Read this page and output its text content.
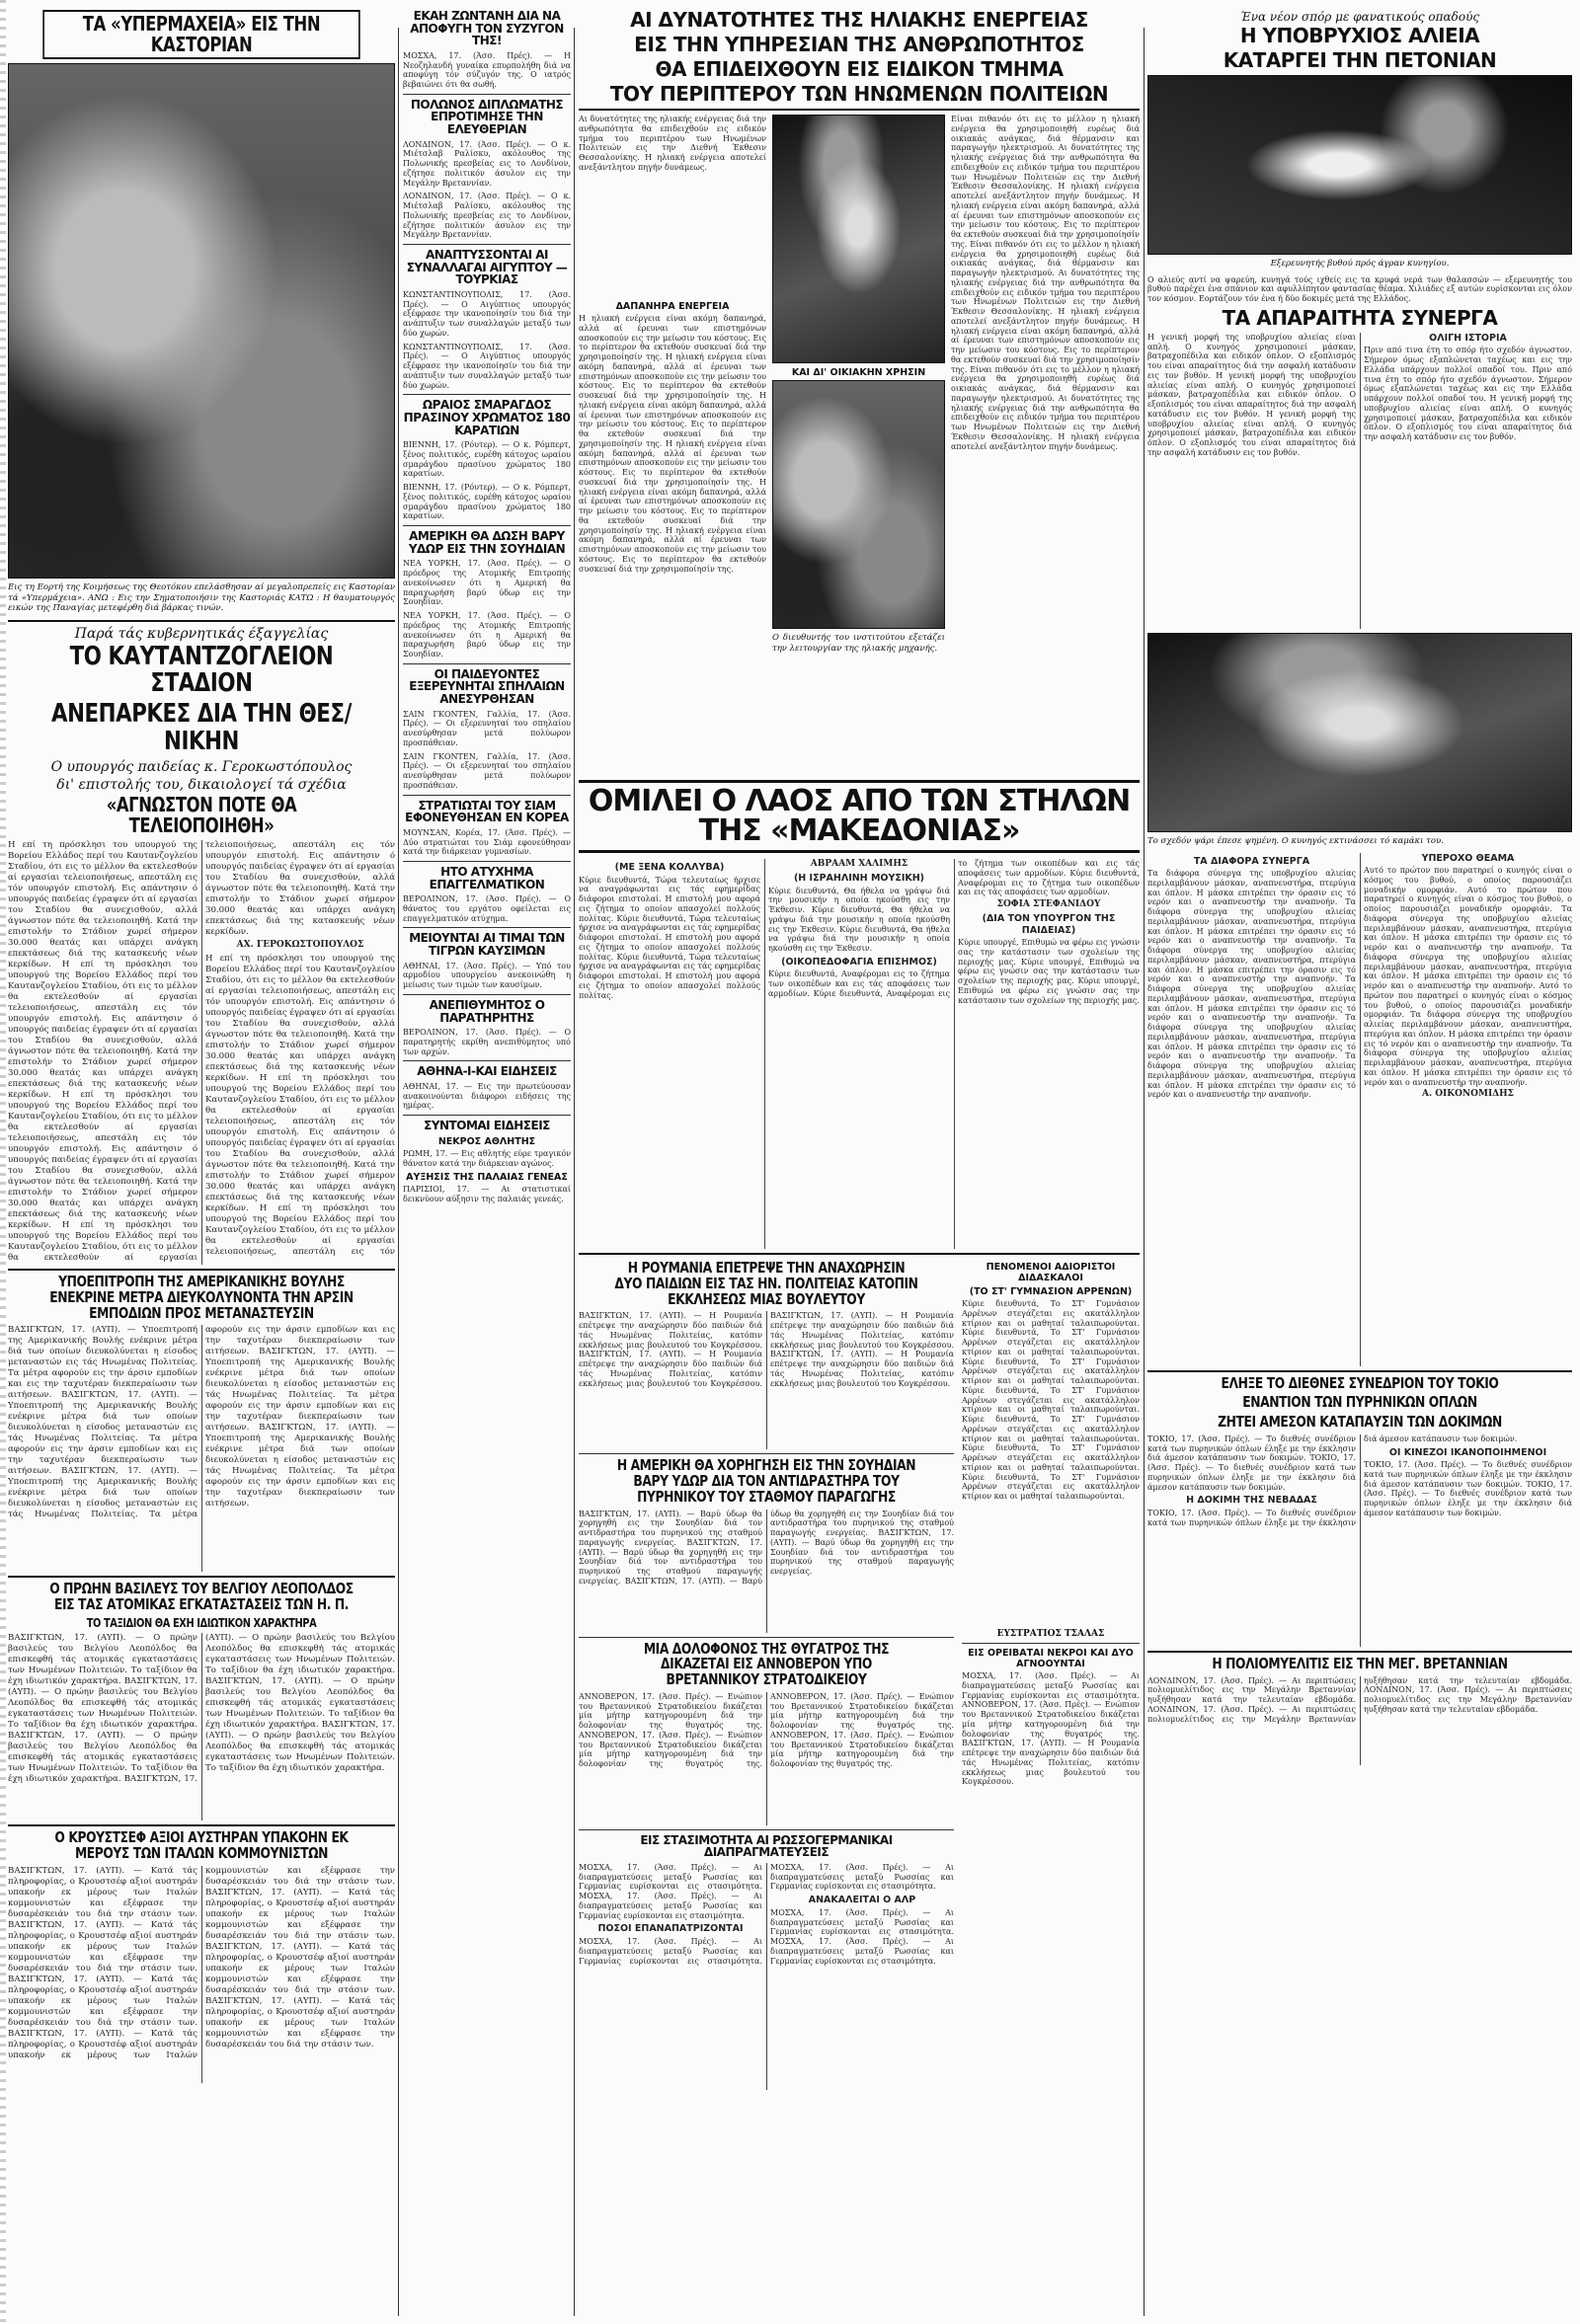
ΤΑ «ΥΠΕΡΜΑΧΕΙΑ» ΕΙΣ ΤΗΝ ΚΑΣΤΟΡΙΑΝ
Εις τη Εορτή της Κοιμήσεως της Θεοτόκου επελάσθησαν αί μεγαλοπρεπείς εις Καστορίαν τά «Υπερμάχεια». ΑΝΩ : Εις την Σηματοποιήσιν της Καστοριάς ΚΑΤΩ : Η θαυματουργός εικών της Παναγίας μετεφέρθη διά βάρκας τινών.
Παρά τάς κυβερνητικάς έξαγγελίας
ΤΟ ΚΑΥΤΑΝΤΖΟΓΛΕΙΟΝ ΣΤΑΔΙΟΝ
ΑΝΕΠΑΡΚΕΣ ΔΙΑ ΤΗΝ ΘΕΣ/ΝΙΚΗΝ
Ο υπουργός παιδείας κ. Γεροκωστόπουλος
δι' επιστολής του, δικαιολογεί τά σχέδια
«ΑΓΝΩΣΤΟΝ ΠΟΤΕ ΘΑ ΤΕΛΕΙΟΠΟΙΗΘΗ»
Η επί τη πρόσκλησι του υπουργού της Βορείου Ελλάδος περί του Καυτανζογλείου Σταδίου, ότι εις το μέλλον θα εκτελεσθούν αί εργασίαι τελειοποιήσεως, απεστάλη εις τόν υπουργόν επιστολή. Εις απάντησιν ό υπουργός παιδείας έγραψεν ότι αί εργασίαι του Σταδίου θα συνεχισθούν, αλλά άγνωστον πότε θα τελειοποιηθή. Κατά την επιστολήν το Στάδιον χωρεί σήμερον 30.000 θεατάς και υπάρχει ανάγκη επεκτάσεως διά της κατασκευής νέων κερκίδων. Η επί τη πρόσκλησι του υπουργού της Βορείου Ελλάδος περί του Καυτανζογλείου Σταδίου, ότι εις το μέλλον θα εκτελεσθούν αί εργασίαι τελειοποιήσεως, απεστάλη εις τόν υπουργόν επιστολή. Εις απάντησιν ό υπουργός παιδείας έγραψεν ότι αί εργασίαι του Σταδίου θα συνεχισθούν, αλλά άγνωστον πότε θα τελειοποιηθή. Κατά την επιστολήν το Στάδιον χωρεί σήμερον 30.000 θεατάς και υπάρχει ανάγκη επεκτάσεως διά της κατασκευής νέων κερκίδων. Η επί τη πρόσκλησι του υπουργού της Βορείου Ελλάδος περί του Καυτανζογλείου Σταδίου, ότι εις το μέλλον θα εκτελεσθούν αί εργασίαι τελειοποιήσεως, απεστάλη εις τόν υπουργόν επιστολή. Εις απάντησιν ό υπουργός παιδείας έγραψεν ότι αί εργασίαι του Σταδίου θα συνεχισθούν, αλλά άγνωστον πότε θα τελειοποιηθή. Κατά την επιστολήν το Στάδιον χωρεί σήμερον 30.000 θεατάς και υπάρχει ανάγκη επεκτάσεως διά της κατασκευής νέων κερκίδων. Η επί τη πρόσκλησι του υπουργού της Βορείου Ελλάδος περί του Καυτανζογλείου Σταδίου, ότι εις το μέλλον θα εκτελεσθούν αί εργασίαι τελειοποιήσεως, απεστάλη εις τόν υπουργόν επιστολή. Εις απάντησιν ό υπουργός παιδείας έγραψεν ότι αί εργασίαι του Σταδίου θα συνεχισθούν, αλλά άγνωστον πότε θα τελειοποιηθή. Κατά την επιστολήν το Στάδιον χωρεί σήμερον 30.000 θεατάς και υπάρχει ανάγκη επεκτάσεως διά της κατασκευής νέων κερκίδων.
ΑΧ. ΓΕΡΟΚΩΣΤΟΠΟΥΛΟΣ
Η επί τη πρόσκλησι του υπουργού της Βορείου Ελλάδος περί του Καυτανζογλείου Σταδίου, ότι εις το μέλλον θα εκτελεσθούν αί εργασίαι τελειοποιήσεως, απεστάλη εις τόν υπουργόν επιστολή. Εις απάντησιν ό υπουργός παιδείας έγραψεν ότι αί εργασίαι του Σταδίου θα συνεχισθούν, αλλά άγνωστον πότε θα τελειοποιηθή. Κατά την επιστολήν το Στάδιον χωρεί σήμερον 30.000 θεατάς και υπάρχει ανάγκη επεκτάσεως διά της κατασκευής νέων κερκίδων. Η επί τη πρόσκλησι του υπουργού της Βορείου Ελλάδος περί του Καυτανζογλείου Σταδίου, ότι εις το μέλλον θα εκτελεσθούν αί εργασίαι τελειοποιήσεως, απεστάλη εις τόν υπουργόν επιστολή. Εις απάντησιν ό υπουργός παιδείας έγραψεν ότι αί εργασίαι του Σταδίου θα συνεχισθούν, αλλά άγνωστον πότε θα τελειοποιηθή. Κατά την επιστολήν το Στάδιον χωρεί σήμερον 30.000 θεατάς και υπάρχει ανάγκη επεκτάσεως διά της κατασκευής νέων κερκίδων. Η επί τη πρόσκλησι του υπουργού της Βορείου Ελλάδος περί του Καυτανζογλείου Σταδίου, ότι εις το μέλλον θα εκτελεσθούν αί εργασίαι τελειοποιήσεως, απεστάλη εις τόν
ΥΠΟΕΠΙΤΡΟΠΗ ΤΗΣ ΑΜΕΡΙΚΑΝΙΚΗΣ ΒΟΥΛΗΣ ΕΝΕΚΡΙΝΕ ΜΕΤΡΑ ΔΙΕΥΚΟΛΥΝΟΝΤΑ ΤΗΝ ΑΡΣΙΝ ΕΜΠΟΔΙΩΝ ΠΡΟΣ ΜΕΤΑΝΑΣΤΕΥΣΙΝ
ΒΑΣΙΓΚΤΩΝ, 17. (ΑΥΠ). — Υποεπιτροπή της Αμερικανικής Βουλής ενέκρινε μέτρα διά των οποίων διευκολύνεται η είσοδος μεταναστών εις τάς Ηνωμένας Πολιτείας. Τα μέτρα αφορούν εις την άρσιν εμποδίων και εις την ταχυτέραν διεκπεραίωσιν των αιτήσεων. ΒΑΣΙΓΚΤΩΝ, 17. (ΑΥΠ). — Υποεπιτροπή της Αμερικανικής Βουλής ενέκρινε μέτρα διά των οποίων διευκολύνεται η είσοδος μεταναστών εις τάς Ηνωμένας Πολιτείας. Τα μέτρα αφορούν εις την άρσιν εμποδίων και εις την ταχυτέραν διεκπεραίωσιν των αιτήσεων. ΒΑΣΙΓΚΤΩΝ, 17. (ΑΥΠ). — Υποεπιτροπή της Αμερικανικής Βουλής ενέκρινε μέτρα διά των οποίων διευκολύνεται η είσοδος μεταναστών εις τάς Ηνωμένας Πολιτείας. Τα μέτρα αφορούν εις την άρσιν εμποδίων και εις την ταχυτέραν διεκπεραίωσιν των αιτήσεων. ΒΑΣΙΓΚΤΩΝ, 17. (ΑΥΠ). — Υποεπιτροπή της Αμερικανικής Βουλής ενέκρινε μέτρα διά των οποίων διευκολύνεται η είσοδος μεταναστών εις τάς Ηνωμένας Πολιτείας. Τα μέτρα αφορούν εις την άρσιν εμποδίων και εις την ταχυτέραν διεκπεραίωσιν των αιτήσεων. ΒΑΣΙΓΚΤΩΝ, 17. (ΑΥΠ). — Υποεπιτροπή της Αμερικανικής Βουλής ενέκρινε μέτρα διά των οποίων διευκολύνεται η είσοδος μεταναστών εις τάς Ηνωμένας Πολιτείας. Τα μέτρα αφορούν εις την άρσιν εμποδίων και εις την ταχυτέραν διεκπεραίωσιν των αιτήσεων.
Ο ΠΡΩΗΝ ΒΑΣΙΛΕΥΣ ΤΟΥ ΒΕΛΓΙΟΥ ΛΕΟΠΟΛΔΟΣ ΕΙΣ ΤΑΣ ΑΤΟΜΙΚΑΣ ΕΓΚΑΤΑΣΤΑΣΕΙΣ ΤΩΝ Η. Π.
ΤΟ ΤΑΞΙΔΙΟΝ ΘΑ ΕΧΗ ΙΔΙΩΤΙΚΟΝ ΧΑΡΑΚΤΗΡΑ
ΒΑΣΙΓΚΤΩΝ, 17. (ΑΥΠ). — Ο πρώην βασιλεύς του Βελγίου Λεοπόλδος θα επισκεφθή τάς ατομικάς εγκαταστάσεις των Ηνωμένων Πολιτειών. Το ταξίδιον θα έχη ιδιωτικόν χαρακτήρα. ΒΑΣΙΓΚΤΩΝ, 17. (ΑΥΠ). — Ο πρώην βασιλεύς του Βελγίου Λεοπόλδος θα επισκεφθή τάς ατομικάς εγκαταστάσεις των Ηνωμένων Πολιτειών. Το ταξίδιον θα έχη ιδιωτικόν χαρακτήρα. ΒΑΣΙΓΚΤΩΝ, 17. (ΑΥΠ). — Ο πρώην βασιλεύς του Βελγίου Λεοπόλδος θα επισκεφθή τάς ατομικάς εγκαταστάσεις των Ηνωμένων Πολιτειών. Το ταξίδιον θα έχη ιδιωτικόν χαρακτήρα. ΒΑΣΙΓΚΤΩΝ, 17. (ΑΥΠ). — Ο πρώην βασιλεύς του Βελγίου Λεοπόλδος θα επισκεφθή τάς ατομικάς εγκαταστάσεις των Ηνωμένων Πολιτειών. Το ταξίδιον θα έχη ιδιωτικόν χαρακτήρα. ΒΑΣΙΓΚΤΩΝ, 17. (ΑΥΠ). — Ο πρώην βασιλεύς του Βελγίου Λεοπόλδος θα επισκεφθή τάς ατομικάς εγκαταστάσεις των Ηνωμένων Πολιτειών. Το ταξίδιον θα έχη ιδιωτικόν χαρακτήρα. ΒΑΣΙΓΚΤΩΝ, 17. (ΑΥΠ). — Ο πρώην βασιλεύς του Βελγίου Λεοπόλδος θα επισκεφθή τάς ατομικάς εγκαταστάσεις των Ηνωμένων Πολιτειών. Το ταξίδιον θα έχη ιδιωτικόν χαρακτήρα.
Ο ΚΡΟΥΣΤΣΕΦ ΑΞΙΟΙ ΑΥΣΤΗΡΑΝ ΥΠΑΚΟΗΝ ΕΚ ΜΕΡΟΥΣ ΤΩΝ ΙΤΑΛΩΝ ΚΟΜΜΟΥΝΙΣΤΩΝ
ΒΑΣΙΓΚΤΩΝ, 17. (ΑΥΠ). — Κατά τάς πληροφορίας, ο Κρουστσέφ αξιοί αυστηράν υπακοήν εκ μέρους των Ιταλών κομμουνιστών και εξέφρασε την δυσαρέσκειάν του διά την στάσιν των. ΒΑΣΙΓΚΤΩΝ, 17. (ΑΥΠ). — Κατά τάς πληροφορίας, ο Κρουστσέφ αξιοί αυστηράν υπακοήν εκ μέρους των Ιταλών κομμουνιστών και εξέφρασε την δυσαρέσκειάν του διά την στάσιν των. ΒΑΣΙΓΚΤΩΝ, 17. (ΑΥΠ). — Κατά τάς πληροφορίας, ο Κρουστσέφ αξιοί αυστηράν υπακοήν εκ μέρους των Ιταλών κομμουνιστών και εξέφρασε την δυσαρέσκειάν του διά την στάσιν των. ΒΑΣΙΓΚΤΩΝ, 17. (ΑΥΠ). — Κατά τάς πληροφορίας, ο Κρουστσέφ αξιοί αυστηράν υπακοήν εκ μέρους των Ιταλών κομμουνιστών και εξέφρασε την δυσαρέσκειάν του διά την στάσιν των. ΒΑΣΙΓΚΤΩΝ, 17. (ΑΥΠ). — Κατά τάς πληροφορίας, ο Κρουστσέφ αξιοί αυστηράν υπακοήν εκ μέρους των Ιταλών κομμουνιστών και εξέφρασε την δυσαρέσκειάν του διά την στάσιν των. ΒΑΣΙΓΚΤΩΝ, 17. (ΑΥΠ). — Κατά τάς πληροφορίας, ο Κρουστσέφ αξιοί αυστηράν υπακοήν εκ μέρους των Ιταλών κομμουνιστών και εξέφρασε την δυσαρέσκειάν του διά την στάσιν των. ΒΑΣΙΓΚΤΩΝ, 17. (ΑΥΠ). — Κατά τάς πληροφορίας, ο Κρουστσέφ αξιοί αυστηράν υπακοήν εκ μέρους των Ιταλών κομμουνιστών και εξέφρασε την δυσαρέσκειάν του διά την στάσιν των.
ΕΚΑΗ ΖΩΝΤΑΝΗ ΔΙΑ ΝΑ ΑΠΟΦΥΓΗ ΤΟΝ ΣΥΖΥΓΟΝ ΤΗΣ!
ΜΟΣΧΑ, 17. (Άσσ. Πρές). — Η Νεοζηλανδή γυναίκα επυρπολήθη διά να αποφύγη τόν σύζυγόν της. Ο ιατρός βεβαιώνει ότι θα σωθή.
ΠΟΛΩΝΟΣ ΔΙΠΛΩΜΑΤΗΣ ΕΠΡΟΤΙΜΗΣΕ ΤΗΝ ΕΛΕΥΘΕΡΙΑΝ
ΛΟΝΔΙΝΟΝ, 17. (Άσσ. Πρές). — Ο κ. Μιέτσλαβ Ραλίσκυ, ακόλουθος της Πολωνικής πρεσβείας εις το Λονδίνον, εζήτησε πολιτικόν άσυλον εις την Μεγάλην Βρεταννίαν.
ΛΟΝΔΙΝΟΝ, 17. (Άσσ. Πρές). — Ο κ. Μιέτσλαβ Ραλίσκυ, ακόλουθος της Πολωνικής πρεσβείας εις το Λονδίνον, εζήτησε πολιτικόν άσυλον εις την Μεγάλην Βρεταννίαν.
ΑΝΑΠΤΥΣΣΟΝΤΑΙ ΑΙ ΣΥΝΑΛΛΑΓΑΙ ΑΙΓΥΠΤΟΥ — ΤΟΥΡΚΙΑΣ
ΚΩΝΣΤΑΝΤΙΝΟΥΠΟΛΙΣ, 17. (Άσσ. Πρές). — Ο Αιγύπτιος υπουργός εξέφρασε την ικανοποίησίν του διά την ανάπτυξιν των συναλλαγών μεταξύ των δύο χωρών.
ΚΩΝΣΤΑΝΤΙΝΟΥΠΟΛΙΣ, 17. (Άσσ. Πρές). — Ο Αιγύπτιος υπουργός εξέφρασε την ικανοποίησίν του διά την ανάπτυξιν των συναλλαγών μεταξύ των δύο χωρών.
ΩΡΑΙΟΣ ΣΜΑΡΑΓΔΟΣ ΠΡΑΣΙΝΟΥ ΧΡΩΜΑΤΟΣ 180 ΚΑΡΑΤΙΩΝ
ΒΙΕΝΝΗ, 17. (Ρόυτερ). — Ο κ. Ρόμπερτ, ξένος πολιτικός, ευρέθη κάτοχος ωραίου σμαράγδου πρασίνου χρώματος 180 καρατίων.
ΒΙΕΝΝΗ, 17. (Ρόυτερ). — Ο κ. Ρόμπερτ, ξένος πολιτικός, ευρέθη κάτοχος ωραίου σμαράγδου πρασίνου χρώματος 180 καρατίων.
ΑΜΕΡΙΚΗ ΘΑ ΔΩΣΗ ΒΑΡΥ ΥΔΩΡ ΕΙΣ ΤΗΝ ΣΟΥΗΔΙΑΝ
ΝΕΑ ΥΟΡΚΗ, 17. (Άσσ. Πρές). — Ο πρόεδρος της Ατομικής Επιτροπής ανεκοίνωσεν ότι η Αμερική θα παραχωρήση βαρύ ύδωρ εις την Σουηδίαν.
ΝΕΑ ΥΟΡΚΗ, 17. (Άσσ. Πρές). — Ο πρόεδρος της Ατομικής Επιτροπής ανεκοίνωσεν ότι η Αμερική θα παραχωρήση βαρύ ύδωρ εις την Σουηδίαν.
ΟΙ ΠΑΙΔΕΥΟΝΤΕΣ ΕΞΕΡΕΥΝΗΤΑΙ ΣΠΗΛΑΙΩΝ ΑΝΕΣΥΡΘΗΣΑΝ
ΣΑΙΝ ΓΚΟΝΤΕΝ, Γαλλία, 17. (Άσσ. Πρές). — Οι εξερευνηταί του σπηλαίου ανεσύρθησαν μετά πολύωρον προσπάθειαν.
ΣΑΙΝ ΓΚΟΝΤΕΝ, Γαλλία, 17. (Άσσ. Πρές). — Οι εξερευνηταί του σπηλαίου ανεσύρθησαν μετά πολύωρον προσπάθειαν.
ΣΤΡΑΤΙΩΤΑΙ ΤΟΥ ΣΙΑΜ ΕΦΟΝΕΥΘΗΣΑΝ ΕΝ ΚΟΡΕΑ
ΜΟΥΝΣΑΝ, Κορέα, 17. (Άσσ. Πρές). — Δύο στρατιώται του Σιάμ εφονεύθησαν κατά την διάρκειαν γυμνασίων.
ΗΤΟ ΑΤΥΧΗΜΑ ΕΠΑΓΓΕΛΜΑΤΙΚΟΝ
ΒΕΡΟΛΙΝΟΝ, 17. (Άσσ. Πρές). — Ο θάνατος του εργάτου οφείλεται εις επαγγελματικόν ατύχημα.
ΜΕΙΟΥΝΤΑΙ ΑΙ ΤΙΜΑΙ ΤΩΝ ΤΙΓΡΩΝ ΚΑΥΣΙΜΩΝ
ΑΘΗΝΑΙ, 17. (Άσσ. Πρές). — Υπό του αρμοδίου υπουργείου ανεκοινώθη η μείωσις των τιμών των καυσίμων.
ΑΝΕΠΙΘΥΜΗΤΟΣ Ο ΠΑΡΑΤΗΡΗΤΗΣ
ΒΕΡΟΛΙΝΟΝ, 17. (Άσσ. Πρές). — Ο παρατηρητής εκρίθη ανεπιθύμητος υπό των αρχών.
ΑΘΗΝΑ-Ι-ΚΑΙ ΕΙΔΗΣΕΙΣ
ΑΘΗΝΑΙ, 17. — Εις την πρωτεύουσαν ανακοινούνται διάφοροι ειδήσεις της ημέρας.
ΣΥΝΤΟΜΑΙ ΕΙΔΗΣΕΙΣ
ΝΕΚΡΟΣ ΑΘΛΗΤΗΣ
ΡΩΜΗ, 17. — Εις αθλητής εύρε τραγικόν θάνατον κατά την διάρκειαν αγώνος.
ΑΥΞΗΣΙΣ ΤΗΣ ΠΑΛΑΙΑΣ ΓΕΝΕΑΣ
ΠΑΡΙΣΙΟΙ, 17. — Αι στατιστικαί δεικνύουν αύξησιν της παλαιάς γενεάς.
ΑΙ ΔΥΝΑΤΟΤΗΤΕΣ ΤΗΣ ΗΛΙΑΚΗΣ ΕΝΕΡΓΕΙΑΣ
ΕΙΣ ΤΗΝ ΥΠΗΡΕΣΙΑΝ ΤΗΣ ΑΝΘΡΩΠΟΤΗΤΟΣ
ΘΑ ΕΠΙΔΕΙΧΘΟΥΝ ΕΙΣ ΕΙΔΙΚΟΝ ΤΜΗΜΑ
ΤΟΥ ΠΕΡΙΠΤΕΡΟΥ ΤΩΝ ΗΝΩΜΕΝΩΝ ΠΟΛΙΤΕΙΩΝ
Αι δυνατότητες της ηλιακής ενέργειας διά την ανθρωπότητα θα επιδειχθούν εις ειδικόν τμήμα του περιπτέρου των Ηνωμένων Πολιτειών εις την Διεθνή Έκθεσιν Θεσσαλονίκης. Η ηλιακή ενέργεια αποτελεί ανεξάντλητον πηγήν δυνάμεως.
ΔΑΠΑΝΗΡΑ ΕΝΕΡΓΕΙΑ
Η ηλιακή ενέργεια είναι ακόμη δαπανηρά, αλλά αί έρευναι των επιστημόνων αποσκοπούν εις την μείωσιν του κόστους. Εις το περίπτερον θα εκτεθούν συσκευαί διά την χρησιμοποίησίν της. Η ηλιακή ενέργεια είναι ακόμη δαπανηρά, αλλά αί έρευναι των επιστημόνων αποσκοπούν εις την μείωσιν του κόστους. Εις το περίπτερον θα εκτεθούν συσκευαί διά την χρησιμοποίησίν της. Η ηλιακή ενέργεια είναι ακόμη δαπανηρά, αλλά αί έρευναι των επιστημόνων αποσκοπούν εις την μείωσιν του κόστους. Εις το περίπτερον θα εκτεθούν συσκευαί διά την χρησιμοποίησίν της. Η ηλιακή ενέργεια είναι ακόμη δαπανηρά, αλλά αί έρευναι των επιστημόνων αποσκοπούν εις την μείωσιν του κόστους. Εις το περίπτερον θα εκτεθούν συσκευαί διά την χρησιμοποίησίν της. Η ηλιακή ενέργεια είναι ακόμη δαπανηρά, αλλά αί έρευναι των επιστημόνων αποσκοπούν εις την μείωσιν του κόστους. Εις το περίπτερον θα εκτεθούν συσκευαί διά την χρησιμοποίησίν της. Η ηλιακή ενέργεια είναι ακόμη δαπανηρά, αλλά αί έρευναι των επιστημόνων αποσκοπούν εις την μείωσιν του κόστους. Εις το περίπτερον θα εκτεθούν συσκευαί διά την χρησιμοποίησίν της.
ΚΑΙ ΔΙ' ΟΙΚΙΑΚΗΝ ΧΡΗΣΙΝ
Ο διευθυντής του ινστιτούτου εξετάζει την λειτουργίαν της ηλιακής μηχανής.
Είναι πιθανόν ότι εις το μέλλον η ηλιακή ενέργεια θα χρησιμοποιηθή ευρέως διά οικιακάς ανάγκας, διά θέρμανσιν και παραγωγήν ηλεκτρισμού. Αι δυνατότητες της ηλιακής ενέργειας διά την ανθρωπότητα θα επιδειχθούν εις ειδικόν τμήμα του περιπτέρου των Ηνωμένων Πολιτειών εις την Διεθνή Έκθεσιν Θεσσαλονίκης. Η ηλιακή ενέργεια αποτελεί ανεξάντλητον πηγήν δυνάμεως. Η ηλιακή ενέργεια είναι ακόμη δαπανηρά, αλλά αί έρευναι των επιστημόνων αποσκοπούν εις την μείωσιν του κόστους. Εις το περίπτερον θα εκτεθούν συσκευαί διά την χρησιμοποίησίν της. Είναι πιθανόν ότι εις το μέλλον η ηλιακή ενέργεια θα χρησιμοποιηθή ευρέως διά οικιακάς ανάγκας, διά θέρμανσιν και παραγωγήν ηλεκτρισμού. Αι δυνατότητες της ηλιακής ενέργειας διά την ανθρωπότητα θα επιδειχθούν εις ειδικόν τμήμα του περιπτέρου των Ηνωμένων Πολιτειών εις την Διεθνή Έκθεσιν Θεσσαλονίκης. Η ηλιακή ενέργεια αποτελεί ανεξάντλητον πηγήν δυνάμεως. Η ηλιακή ενέργεια είναι ακόμη δαπανηρά, αλλά αί έρευναι των επιστημόνων αποσκοπούν εις την μείωσιν του κόστους. Εις το περίπτερον θα εκτεθούν συσκευαί διά την χρησιμοποίησίν της. Είναι πιθανόν ότι εις το μέλλον η ηλιακή ενέργεια θα χρησιμοποιηθή ευρέως διά οικιακάς ανάγκας, διά θέρμανσιν και παραγωγήν ηλεκτρισμού. Αι δυνατότητες της ηλιακής ενέργειας διά την ανθρωπότητα θα επιδειχθούν εις ειδικόν τμήμα του περιπτέρου των Ηνωμένων Πολιτειών εις την Διεθνή Έκθεσιν Θεσσαλονίκης. Η ηλιακή ενέργεια αποτελεί ανεξάντλητον πηγήν δυνάμεως.
ΟΜΙΛΕΙ Ο ΛΑΟΣ ΑΠΟ ΤΩΝ ΣΤΗΛΩΝ ΤΗΣ «ΜΑΚΕΔΟΝΙΑΣ»
(ΜΕ ΞΕΝΑ ΚΟΛΛΥΒΑ)
Κύριε διευθυντά, Τώρα τελευταίως ήρχισε να αναγράφωνται εις τάς εφημερίδας διάφοροι επιστολαί. Η επιστολή μου αφορά εις ζήτημα το οποίον απασχολεί πολλούς πολίτας. Κύριε διευθυντά, Τώρα τελευταίως ήρχισε να αναγράφωνται εις τάς εφημερίδας διάφοροι επιστολαί. Η επιστολή μου αφορά εις ζήτημα το οποίον απασχολεί πολλούς πολίτας. Κύριε διευθυντά, Τώρα τελευταίως ήρχισε να αναγράφωνται εις τάς εφημερίδας διάφοροι επιστολαί. Η επιστολή μου αφορά εις ζήτημα το οποίον απασχολεί πολλούς πολίτας.
ΑΒΡΑΑΜ ΧΑΛΙΜΗΣ
(Η ΙΣΡΑΗΛΙΝΗ ΜΟΥΣΙΚΗ)
Κύριε διευθυντά, Θα ήθελα να γράψω διά την μουσικήν η οποία ηκούσθη εις την Έκθεσιν. Κύριε διευθυντά, Θα ήθελα να γράψω διά την μουσικήν η οποία ηκούσθη εις την Έκθεσιν. Κύριε διευθυντά, Θα ήθελα να γράψω διά την μουσικήν η οποία ηκούσθη εις την Έκθεσιν.
(ΟΙΚΟΠΕΔΟΦΑΓΙΑ ΕΠΙΣΗΜΟΣ)
Κύριε διευθυντά, Αναφέρομαι εις το ζήτημα των οικοπέδων και εις τάς αποφάσεις των αρμοδίων. Κύριε διευθυντά, Αναφέρομαι εις το ζήτημα των οικοπέδων και εις τάς αποφάσεις των αρμοδίων. Κύριε διευθυντά, Αναφέρομαι εις το ζήτημα των οικοπέδων και εις τάς αποφάσεις των αρμοδίων.
ΣΟΦΙΑ ΣΤΕΦΑΝΙΔΟΥ
(ΔΙΑ ΤΟΝ ΥΠΟΥΡΓΟΝ ΤΗΣ ΠΑΙΔΕΙΑΣ)
Κύριε υπουργέ, Επιθυμώ να φέρω εις γνώσιν σας την κατάστασιν των σχολείων της περιοχής μας. Κύριε υπουργέ, Επιθυμώ να φέρω εις γνώσιν σας την κατάστασιν των σχολείων της περιοχής μας. Κύριε υπουργέ, Επιθυμώ να φέρω εις γνώσιν σας την κατάστασιν των σχολείων της περιοχής μας.
Η ΡΟΥΜΑΝΙΑ ΕΠΕΤΡΕΨΕ ΤΗΝ ΑΝΑΧΩΡΗΣΙΝ ΔΥΟ ΠΑΙΔΙΩΝ ΕΙΣ ΤΑΣ ΗΝ. ΠΟΛΙΤΕΙΑΣ ΚΑΤΟΠΙΝ ΕΚΚΛΗΣΕΩΣ ΜΙΑΣ ΒΟΥΛΕΥΤΟΥ
ΒΑΣΙΓΚΤΩΝ, 17. (ΑΥΠ). — Η Ρουμανία επέτρεψε την αναχώρησιν δύο παιδιών διά τάς Ηνωμένας Πολιτείας, κατόπιν εκκλήσεως μιας βουλευτού του Κογκρέσσου. ΒΑΣΙΓΚΤΩΝ, 17. (ΑΥΠ). — Η Ρουμανία επέτρεψε την αναχώρησιν δύο παιδιών διά τάς Ηνωμένας Πολιτείας, κατόπιν εκκλήσεως μιας βουλευτού του Κογκρέσσου. ΒΑΣΙΓΚΤΩΝ, 17. (ΑΥΠ). — Η Ρουμανία επέτρεψε την αναχώρησιν δύο παιδιών διά τάς Ηνωμένας Πολιτείας, κατόπιν εκκλήσεως μιας βουλευτού του Κογκρέσσου. ΒΑΣΙΓΚΤΩΝ, 17. (ΑΥΠ). — Η Ρουμανία επέτρεψε την αναχώρησιν δύο παιδιών διά τάς Ηνωμένας Πολιτείας, κατόπιν εκκλήσεως μιας βουλευτού του Κογκρέσσου.
Η ΑΜΕΡΙΚΗ ΘΑ ΧΟΡΗΓΗΣΗ ΕΙΣ ΤΗΝ ΣΟΥΗΔΙΑΝ ΒΑΡΥ ΥΔΩΡ ΔΙΑ ΤΟΝ ΑΝΤΙΔΡΑΣΤΗΡΑ ΤΟΥ ΠΥΡΗΝΙΚΟΥ ΤΟΥ ΣΤΑΘΜΟΥ ΠΑΡΑΓΩΓΗΣ
ΒΑΣΙΓΚΤΩΝ, 17. (ΑΥΠ). — Βαρύ ύδωρ θα χορηγηθή εις την Σουηδίαν διά τον αντιδραστήρα του πυρηνικού της σταθμού παραγωγής ενεργείας. ΒΑΣΙΓΚΤΩΝ, 17. (ΑΥΠ). — Βαρύ ύδωρ θα χορηγηθή εις την Σουηδίαν διά τον αντιδραστήρα του πυρηνικού της σταθμού παραγωγής ενεργείας. ΒΑΣΙΓΚΤΩΝ, 17. (ΑΥΠ). — Βαρύ ύδωρ θα χορηγηθή εις την Σουηδίαν διά τον αντιδραστήρα του πυρηνικού της σταθμού παραγωγής ενεργείας. ΒΑΣΙΓΚΤΩΝ, 17. (ΑΥΠ). — Βαρύ ύδωρ θα χορηγηθή εις την Σουηδίαν διά τον αντιδραστήρα του πυρηνικού της σταθμού παραγωγής ενεργείας.
ΜΙΑ ΔΟΛΟΦΟΝΟΣ ΤΗΣ ΘΥΓΑΤΡΟΣ ΤΗΣ ΔΙΚΑΖΕΤΑΙ ΕΙΣ ΑΝΝΟΒΕΡΟΝ ΥΠΟ ΒΡΕΤΑΝΝΙΚΟΥ ΣΤΡΑΤΟΔΙΚΕΙΟΥ
ΑΝΝΟΒΕΡΟΝ, 17. (Άσσ. Πρές). — Ενώπιον του Βρεταννικού Στρατοδικείου δικάζεται μία μήτηρ κατηγορουμένη διά την δολοφονίαν της θυγατρός της. ΑΝΝΟΒΕΡΟΝ, 17. (Άσσ. Πρές). — Ενώπιον του Βρεταννικού Στρατοδικείου δικάζεται μία μήτηρ κατηγορουμένη διά την δολοφονίαν της θυγατρός της. ΑΝΝΟΒΕΡΟΝ, 17. (Άσσ. Πρές). — Ενώπιον του Βρεταννικού Στρατοδικείου δικάζεται μία μήτηρ κατηγορουμένη διά την δολοφονίαν της θυγατρός της. ΑΝΝΟΒΕΡΟΝ, 17. (Άσσ. Πρές). — Ενώπιον του Βρεταννικού Στρατοδικείου δικάζεται μία μήτηρ κατηγορουμένη διά την δολοφονίαν της θυγατρός της.
ΕΙΣ ΣΤΑΣΙΜΟΤΗΤΑ ΑΙ ΡΩΣΣΟΓΕΡΜΑΝΙΚΑΙ ΔΙΑΠΡΑΓΜΑΤΕΥΣΕΙΣ
ΜΟΣΧΑ, 17. (Άσσ. Πρές). — Αι διαπραγματεύσεις μεταξύ Ρωσσίας και Γερμανίας ευρίσκονται εις στασιμότητα. ΜΟΣΧΑ, 17. (Άσσ. Πρές). — Αι διαπραγματεύσεις μεταξύ Ρωσσίας και Γερμανίας ευρίσκονται εις στασιμότητα.
ΠΟΣΟΙ ΕΠΑΝΑΠΑΤΡΙΖΟΝΤΑΙ
ΜΟΣΧΑ, 17. (Άσσ. Πρές). — Αι διαπραγματεύσεις μεταξύ Ρωσσίας και Γερμανίας ευρίσκονται εις στασιμότητα. ΜΟΣΧΑ, 17. (Άσσ. Πρές). — Αι διαπραγματεύσεις μεταξύ Ρωσσίας και Γερμανίας ευρίσκονται εις στασιμότητα.
ΑΝΑΚΑΛΕΙΤΑΙ Ο ΑΛΡ
ΜΟΣΧΑ, 17. (Άσσ. Πρές). — Αι διαπραγματεύσεις μεταξύ Ρωσσίας και Γερμανίας ευρίσκονται εις στασιμότητα. ΜΟΣΧΑ, 17. (Άσσ. Πρές). — Αι διαπραγματεύσεις μεταξύ Ρωσσίας και Γερμανίας ευρίσκονται εις στασιμότητα.
ΠΕΝΟΜΕΝΟΙ ΑΔΙΟΡΙΣΤΟΙ ΔΙΔΑΣΚΑΛΟΙ
(ΤΟ ΣΤ' ΓΥΜΝΑΣΙΟΝ ΑΡΡΕΝΩΝ)
Κύριε διευθυντά, Το ΣΤ' Γυμνάσιον Αρρένων στεγάζεται εις ακατάλληλον κτίριον και οι μαθηταί ταλαιπωρούνται. Κύριε διευθυντά, Το ΣΤ' Γυμνάσιον Αρρένων στεγάζεται εις ακατάλληλον κτίριον και οι μαθηταί ταλαιπωρούνται. Κύριε διευθυντά, Το ΣΤ' Γυμνάσιον Αρρένων στεγάζεται εις ακατάλληλον κτίριον και οι μαθηταί ταλαιπωρούνται. Κύριε διευθυντά, Το ΣΤ' Γυμνάσιον Αρρένων στεγάζεται εις ακατάλληλον κτίριον και οι μαθηταί ταλαιπωρούνται. Κύριε διευθυντά, Το ΣΤ' Γυμνάσιον Αρρένων στεγάζεται εις ακατάλληλον κτίριον και οι μαθηταί ταλαιπωρούνται. Κύριε διευθυντά, Το ΣΤ' Γυμνάσιον Αρρένων στεγάζεται εις ακατάλληλον κτίριον και οι μαθηταί ταλαιπωρούνται. Κύριε διευθυντά, Το ΣΤ' Γυμνάσιον Αρρένων στεγάζεται εις ακατάλληλον κτίριον και οι μαθηταί ταλαιπωρούνται.
ΕΥΣΤΡΑΤΙΟΣ ΤΣΑΛΑΣ
ΕΙΣ ΟΡΕΙΒΑΤΑΙ ΝΕΚΡΟΙ ΚΑΙ ΔΥΟ ΑΓΝΟΟΥΝΤΑΙ
ΜΟΣΧΑ, 17. (Άσσ. Πρές). — Αι διαπραγματεύσεις μεταξύ Ρωσσίας και Γερμανίας ευρίσκονται εις στασιμότητα. ΑΝΝΟΒΕΡΟΝ, 17. (Άσσ. Πρές). — Ενώπιον του Βρεταννικού Στρατοδικείου δικάζεται μία μήτηρ κατηγορουμένη διά την δολοφονίαν της θυγατρός της. ΒΑΣΙΓΚΤΩΝ, 17. (ΑΥΠ). — Η Ρουμανία επέτρεψε την αναχώρησιν δύο παιδιών διά τάς Ηνωμένας Πολιτείας, κατόπιν εκκλήσεως μιας βουλευτού του Κογκρέσσου.
Ένα νέον σπόρ με φανατικούς οπαδούς
Η ΥΠΟΒΡΥΧΙΟΣ ΑΛΙΕΙΑ
ΚΑΤΑΡΓΕΙ ΤΗΝ ΠΕΤΟΝΙΑΝ
Εξερευνητής βυθού πρός άγραν κυνηγίου.
Ο αλιεύς αντί να ψαρεύη, κυνηγά τούς ιχθείς εις τα κρυφά νερά των θαλασσών — εξερευνητής του βυθού παρέχει ένα σπάνιον και αφυλλίπητον φαντασίας θέαμα. Χιλιάδες εξ αυτών ευρίσκονται εις όλον τον κόσμον. Εορτάζουν τόν ένα ή δύο δοκιμές μετά της Ελλάδος.
ΤΑ ΑΠΑΡΑΙΤΗΤΑ ΣΥΝΕΡΓΑ
Η γενική μορφή της υποβρυχίου αλιείας είναι απλή. Ο κυνηγός χρησιμοποιεί μάσκαν, βατραχοπέδιλα και ειδικόν όπλον. Ο εξοπλισμός του είναι απαραίτητος διά την ασφαλή κατάδυσιν εις τον βυθόν. Η γενική μορφή της υποβρυχίου αλιείας είναι απλή. Ο κυνηγός χρησιμοποιεί μάσκαν, βατραχοπέδιλα και ειδικόν όπλον. Ο εξοπλισμός του είναι απαραίτητος διά την ασφαλή κατάδυσιν εις τον βυθόν. Η γενική μορφή της υποβρυχίου αλιείας είναι απλή. Ο κυνηγός χρησιμοποιεί μάσκαν, βατραχοπέδιλα και ειδικόν όπλον. Ο εξοπλισμός του είναι απαραίτητος διά την ασφαλή κατάδυσιν εις τον βυθόν.
ΟΛΙΓΗ ΙΣΤΟΡΙΑ
Πριν από τινα έτη το σπόρ ήτο σχεδόν άγνωστον. Σήμερον όμως εξαπλώνεται ταχέως και εις την Ελλάδα υπάρχουν πολλοί οπαδοί του. Πριν από τινα έτη το σπόρ ήτο σχεδόν άγνωστον. Σήμερον όμως εξαπλώνεται ταχέως και εις την Ελλάδα υπάρχουν πολλοί οπαδοί του. Η γενική μορφή της υποβρυχίου αλιείας είναι απλή. Ο κυνηγός χρησιμοποιεί μάσκαν, βατραχοπέδιλα και ειδικόν όπλον. Ο εξοπλισμός του είναι απαραίτητος διά την ασφαλή κατάδυσιν εις τον βυθόν.
Το σχεδόν ψάρι έπεσε ψημένη. Ο κυνηγός εκτινάσσει τό καμάκι του.
ΤΑ ΔΙΑΦΟΡΑ ΣΥΝΕΡΓΑ
Τα διάφορα σύνεργα της υποβρυχίου αλιείας περιλαμβάνουν μάσκαν, αναπνευστήρα, πτερύγια και όπλον. Η μάσκα επιτρέπει την όρασιν εις τό νερόν και ο αναπνευστήρ την αναπνοήν. Τα διάφορα σύνεργα της υποβρυχίου αλιείας περιλαμβάνουν μάσκαν, αναπνευστήρα, πτερύγια και όπλον. Η μάσκα επιτρέπει την όρασιν εις τό νερόν και ο αναπνευστήρ την αναπνοήν. Τα διάφορα σύνεργα της υποβρυχίου αλιείας περιλαμβάνουν μάσκαν, αναπνευστήρα, πτερύγια και όπλον. Η μάσκα επιτρέπει την όρασιν εις τό νερόν και ο αναπνευστήρ την αναπνοήν. Τα διάφορα σύνεργα της υποβρυχίου αλιείας περιλαμβάνουν μάσκαν, αναπνευστήρα, πτερύγια και όπλον. Η μάσκα επιτρέπει την όρασιν εις τό νερόν και ο αναπνευστήρ την αναπνοήν. Τα διάφορα σύνεργα της υποβρυχίου αλιείας περιλαμβάνουν μάσκαν, αναπνευστήρα, πτερύγια και όπλον. Η μάσκα επιτρέπει την όρασιν εις τό νερόν και ο αναπνευστήρ την αναπνοήν. Τα διάφορα σύνεργα της υποβρυχίου αλιείας περιλαμβάνουν μάσκαν, αναπνευστήρα, πτερύγια και όπλον. Η μάσκα επιτρέπει την όρασιν εις τό νερόν και ο αναπνευστήρ την αναπνοήν.
ΥΠΕΡΟΧΟ ΘΕΑΜΑ
Αυτό το πρώτον που παρατηρεί ο κυνηγός είναι ο κόσμος του βυθού, ο οποίος παρουσιάζει μοναδικήν ομορφιάν. Αυτό το πρώτον που παρατηρεί ο κυνηγός είναι ο κόσμος του βυθού, ο οποίος παρουσιάζει μοναδικήν ομορφιάν. Τα διάφορα σύνεργα της υποβρυχίου αλιείας περιλαμβάνουν μάσκαν, αναπνευστήρα, πτερύγια και όπλον. Η μάσκα επιτρέπει την όρασιν εις τό νερόν και ο αναπνευστήρ την αναπνοήν. Τα διάφορα σύνεργα της υποβρυχίου αλιείας περιλαμβάνουν μάσκαν, αναπνευστήρα, πτερύγια και όπλον. Η μάσκα επιτρέπει την όρασιν εις τό νερόν και ο αναπνευστήρ την αναπνοήν. Αυτό το πρώτον που παρατηρεί ο κυνηγός είναι ο κόσμος του βυθού, ο οποίος παρουσιάζει μοναδικήν ομορφιάν. Τα διάφορα σύνεργα της υποβρυχίου αλιείας περιλαμβάνουν μάσκαν, αναπνευστήρα, πτερύγια και όπλον. Η μάσκα επιτρέπει την όρασιν εις τό νερόν και ο αναπνευστήρ την αναπνοήν. Τα διάφορα σύνεργα της υποβρυχίου αλιείας περιλαμβάνουν μάσκαν, αναπνευστήρα, πτερύγια και όπλον. Η μάσκα επιτρέπει την όρασιν εις τό νερόν και ο αναπνευστήρ την αναπνοήν.
Α. ΟΙΚΟΝΟΜΙΔΗΣ
ΕΛΗΞΕ ΤΟ ΔΙΕΘΝΕΣ ΣΥΝΕΔΡΙΟΝ ΤΟΥ ΤΟΚΙΟ
ΕΝΑΝΤΙΟΝ ΤΩΝ ΠΥΡΗΝΙΚΩΝ ΟΠΛΩΝ
ΖΗΤΕΙ ΑΜΕΣΟΝ ΚΑΤΑΠΑΥΣΙΝ ΤΩΝ ΔΟΚΙΜΩΝ
ΤΟΚΙΟ, 17. (Άσσ. Πρές). — Το διεθνές συνέδριον κατά των πυρηνικών όπλων έληξε με την έκκλησιν διά άμεσον κατάπαυσιν των δοκιμών. ΤΟΚΙΟ, 17. (Άσσ. Πρές). — Το διεθνές συνέδριον κατά των πυρηνικών όπλων έληξε με την έκκλησιν διά άμεσον κατάπαυσιν των δοκιμών.
Η ΔΟΚΙΜΗ ΤΗΣ ΝΕΒΑΔΑΣ
ΤΟΚΙΟ, 17. (Άσσ. Πρές). — Το διεθνές συνέδριον κατά των πυρηνικών όπλων έληξε με την έκκλησιν διά άμεσον κατάπαυσιν των δοκιμών.
ΟΙ ΚΙΝΕΖΟΙ ΙΚΑΝΟΠΟΙΗΜΕΝΟΙ
ΤΟΚΙΟ, 17. (Άσσ. Πρές). — Το διεθνές συνέδριον κατά των πυρηνικών όπλων έληξε με την έκκλησιν διά άμεσον κατάπαυσιν των δοκιμών. ΤΟΚΙΟ, 17. (Άσσ. Πρές). — Το διεθνές συνέδριον κατά των πυρηνικών όπλων έληξε με την έκκλησιν διά άμεσον κατάπαυσιν των δοκιμών.
Η ΠΟΛΙΟΜΥΕΛΙΤΙΣ ΕΙΣ ΤΗΝ ΜΕΓ. ΒΡΕΤΑΝΝΙΑΝ
ΛΟΝΔΙΝΟΝ, 17. (Άσσ. Πρές). — Αι περιπτώσεις πολιομυελίτιδος εις την Μεγάλην Βρεταννίαν ηυξήθησαν κατά την τελευταίαν εβδομάδα. ΛΟΝΔΙΝΟΝ, 17. (Άσσ. Πρές). — Αι περιπτώσεις πολιομυελίτιδος εις την Μεγάλην Βρεταννίαν ηυξήθησαν κατά την τελευταίαν εβδομάδα. ΛΟΝΔΙΝΟΝ, 17. (Άσσ. Πρές). — Αι περιπτώσεις πολιομυελίτιδος εις την Μεγάλην Βρεταννίαν ηυξήθησαν κατά την τελευταίαν εβδομάδα.
